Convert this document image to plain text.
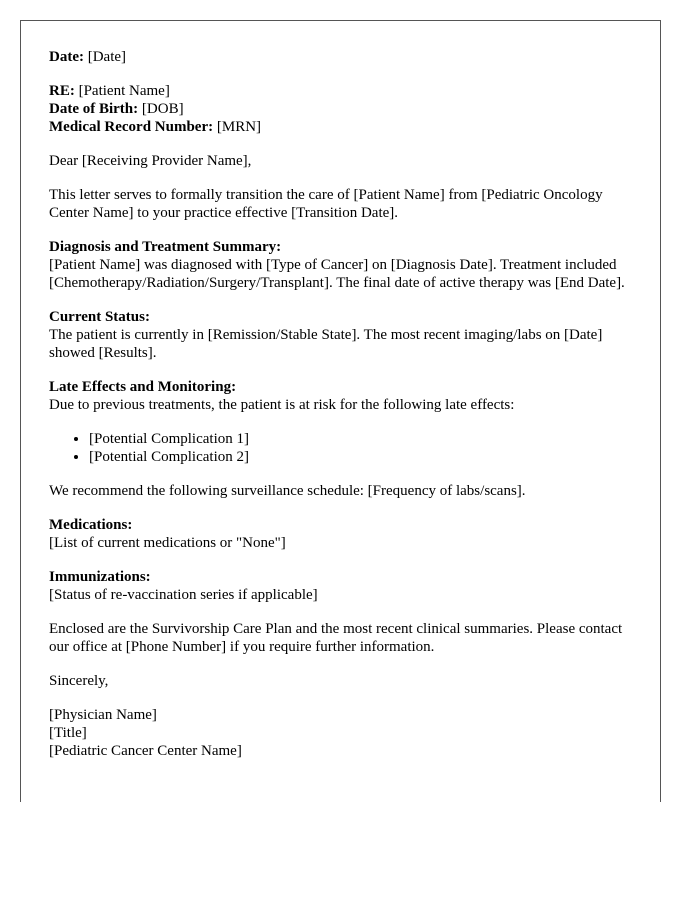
Date: [Date]

RE: [Patient Name]
Date of Birth: [DOB]
Medical Record Number: [MRN]

Dear [Receiving Provider Name],

This letter serves to formally transition the care of [Patient Name] from [Pediatric Oncology Center Name] to your practice effective [Transition Date].

Diagnosis and Treatment Summary:
[Patient Name] was diagnosed with [Type of Cancer] on [Diagnosis Date]. Treatment included [Chemotherapy/Radiation/Surgery/Transplant]. The final date of active therapy was [End Date].

Current Status:
The patient is currently in [Remission/Stable State]. The most recent imaging/labs on [Date] showed [Results].

Late Effects and Monitoring:
Due to previous treatments, the patient is at risk for the following late effects:

• [Potential Complication 1]
• [Potential Complication 2]

We recommend the following surveillance schedule: [Frequency of labs/scans].

Medications:
[List of current medications or "None"]

Immunizations:
[Status of re-vaccination series if applicable]

Enclosed are the Survivorship Care Plan and the most recent clinical summaries. Please contact our office at [Phone Number] if you require further information.

Sincerely,

[Physician Name]
[Title]
[Pediatric Cancer Center Name]
